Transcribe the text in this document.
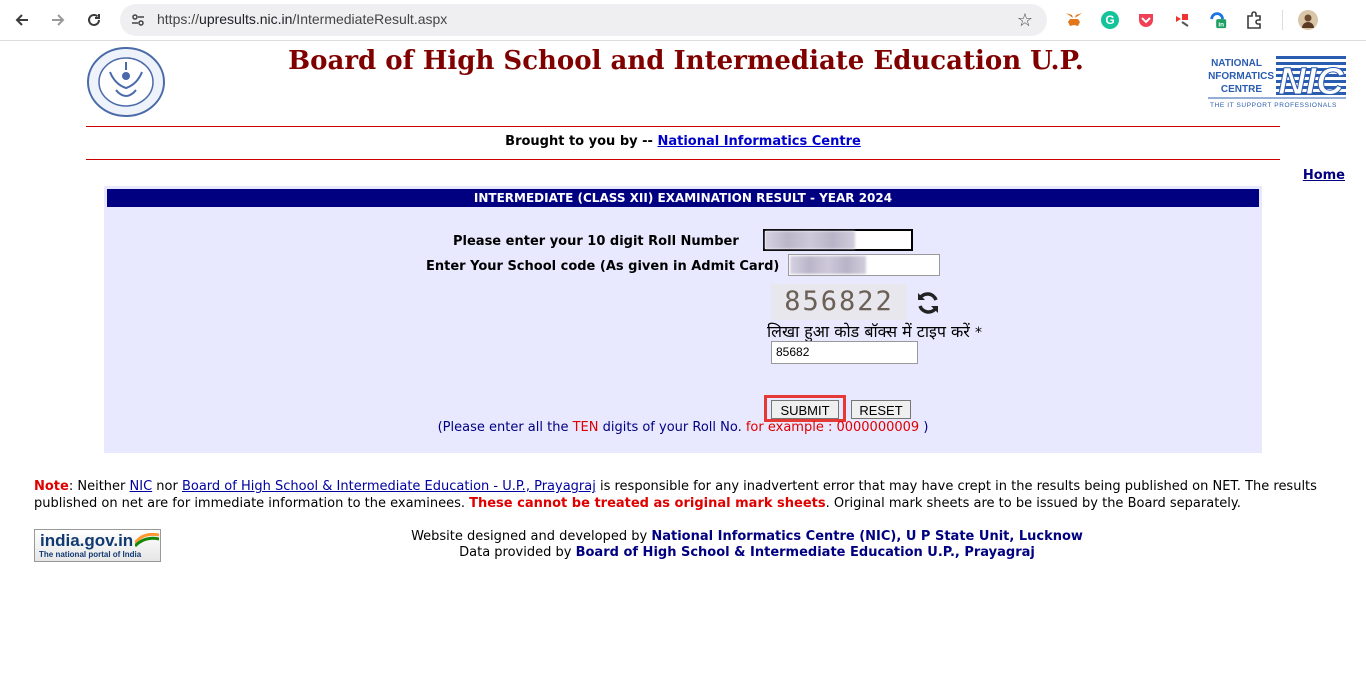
https://upresults.nic.in/IntermediateResult.aspx	☆	G	in
Board of High School and Intermediate Education U.P.	NATIONAL
INFORMATICS
CENTRE NIC
THE IT SUPPORT PROFESSIONALS
Brought to you by -- National Informatics Centre
Home
INTERMEDIATE (CLASS XII) EXAMINATION RESULT - YEAR 2024
Please enter your 10 digit Roll Number
Enter Your School code (As given in Admit Card)
856822
लिखा हुआ कोड बॉक्स में टाइप करें *
85682
SUBMIT	RESET
(Please enter all the TEN digits of your Roll No. for example : 0000000009 )
Note: Neither NIC nor Board of High School & Intermediate Education - U.P., Prayagraj is responsible for any inadvertent error that may have crept in the results being published on NET. The results published on net are for immediate information to the examinees. These cannot be treated as original mark sheets. Original mark sheets are to be issued by the Board separately.
india.gov.in
The national portal of India
Website designed and developed by National Informatics Centre (NIC), U P State Unit, Lucknow
Data provided by Board of High School & Intermediate Education U.P., Prayagraj
